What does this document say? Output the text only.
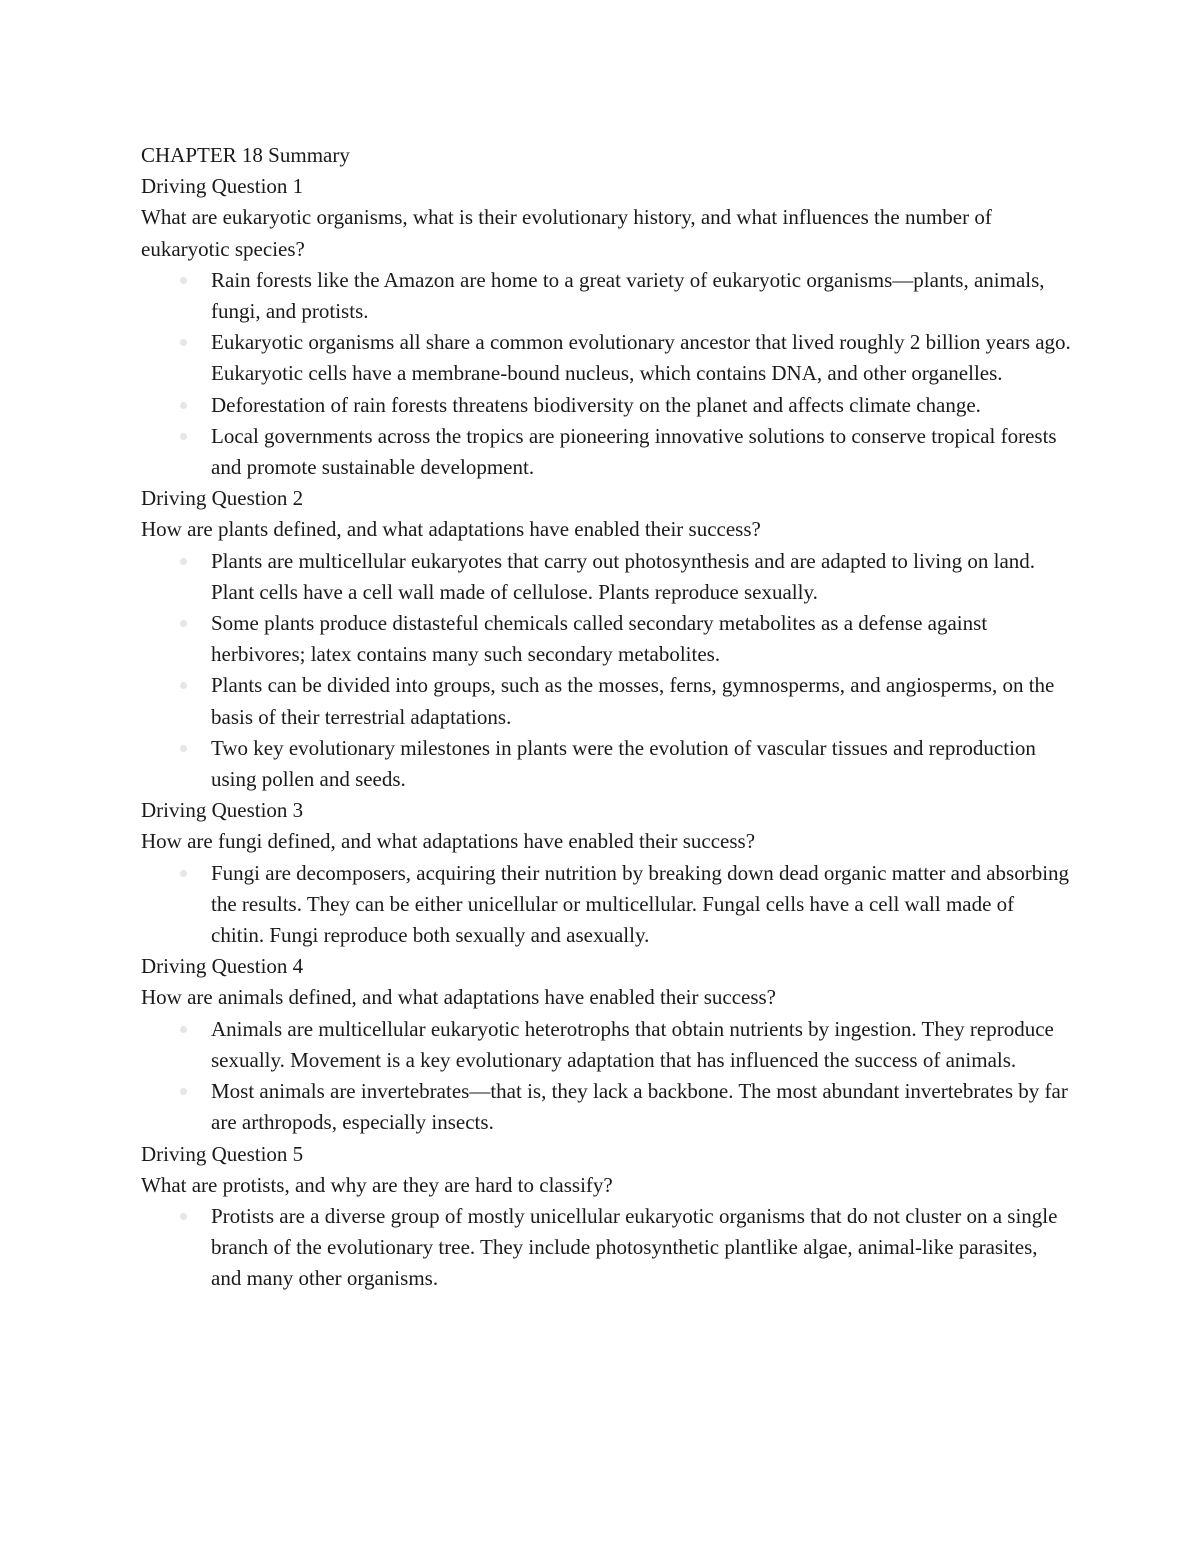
CHAPTER 18 Summary

Driving Question 1

What are eukaryotic organisms, what is their evolutionary history, and what influences the number of eukaryotic species?

Rain forests like the Amazon are home to a great variety of eukaryotic organisms—plants, animals, fungi, and protists.
Eukaryotic organisms all share a common evolutionary ancestor that lived roughly 2 billion years ago. Eukaryotic cells have a membrane-bound nucleus, which contains DNA, and other organelles.
Deforestation of rain forests threatens biodiversity on the planet and affects climate change.
Local governments across the tropics are pioneering innovative solutions to conserve tropical forests and promote sustainable development.

Driving Question 2

How are plants defined, and what adaptations have enabled their success?

Plants are multicellular eukaryotes that carry out photosynthesis and are adapted to living on land. Plant cells have a cell wall made of cellulose. Plants reproduce sexually.
Some plants produce distasteful chemicals called secondary metabolites as a defense against herbivores; latex contains many such secondary metabolites.
Plants can be divided into groups, such as the mosses, ferns, gymnosperms, and angiosperms, on the basis of their terrestrial adaptations.
Two key evolutionary milestones in plants were the evolution of vascular tissues and reproduction using pollen and seeds.

Driving Question 3

How are fungi defined, and what adaptations have enabled their success?

Fungi are decomposers, acquiring their nutrition by breaking down dead organic matter and absorbing the results. They can be either unicellular or multicellular. Fungal cells have a cell wall made of chitin. Fungi reproduce both sexually and asexually.

Driving Question 4

How are animals defined, and what adaptations have enabled their success?

Animals are multicellular eukaryotic heterotrophs that obtain nutrients by ingestion. They reproduce sexually. Movement is a key evolutionary adaptation that has influenced the success of animals.
Most animals are invertebrates—that is, they lack a backbone. The most abundant invertebrates by far are arthropods, especially insects.

Driving Question 5

What are protists, and why are they are hard to classify?

Protists are a diverse group of mostly unicellular eukaryotic organisms that do not cluster on a single branch of the evolutionary tree. They include photosynthetic plantlike algae, animal-like parasites, and many other organisms.
